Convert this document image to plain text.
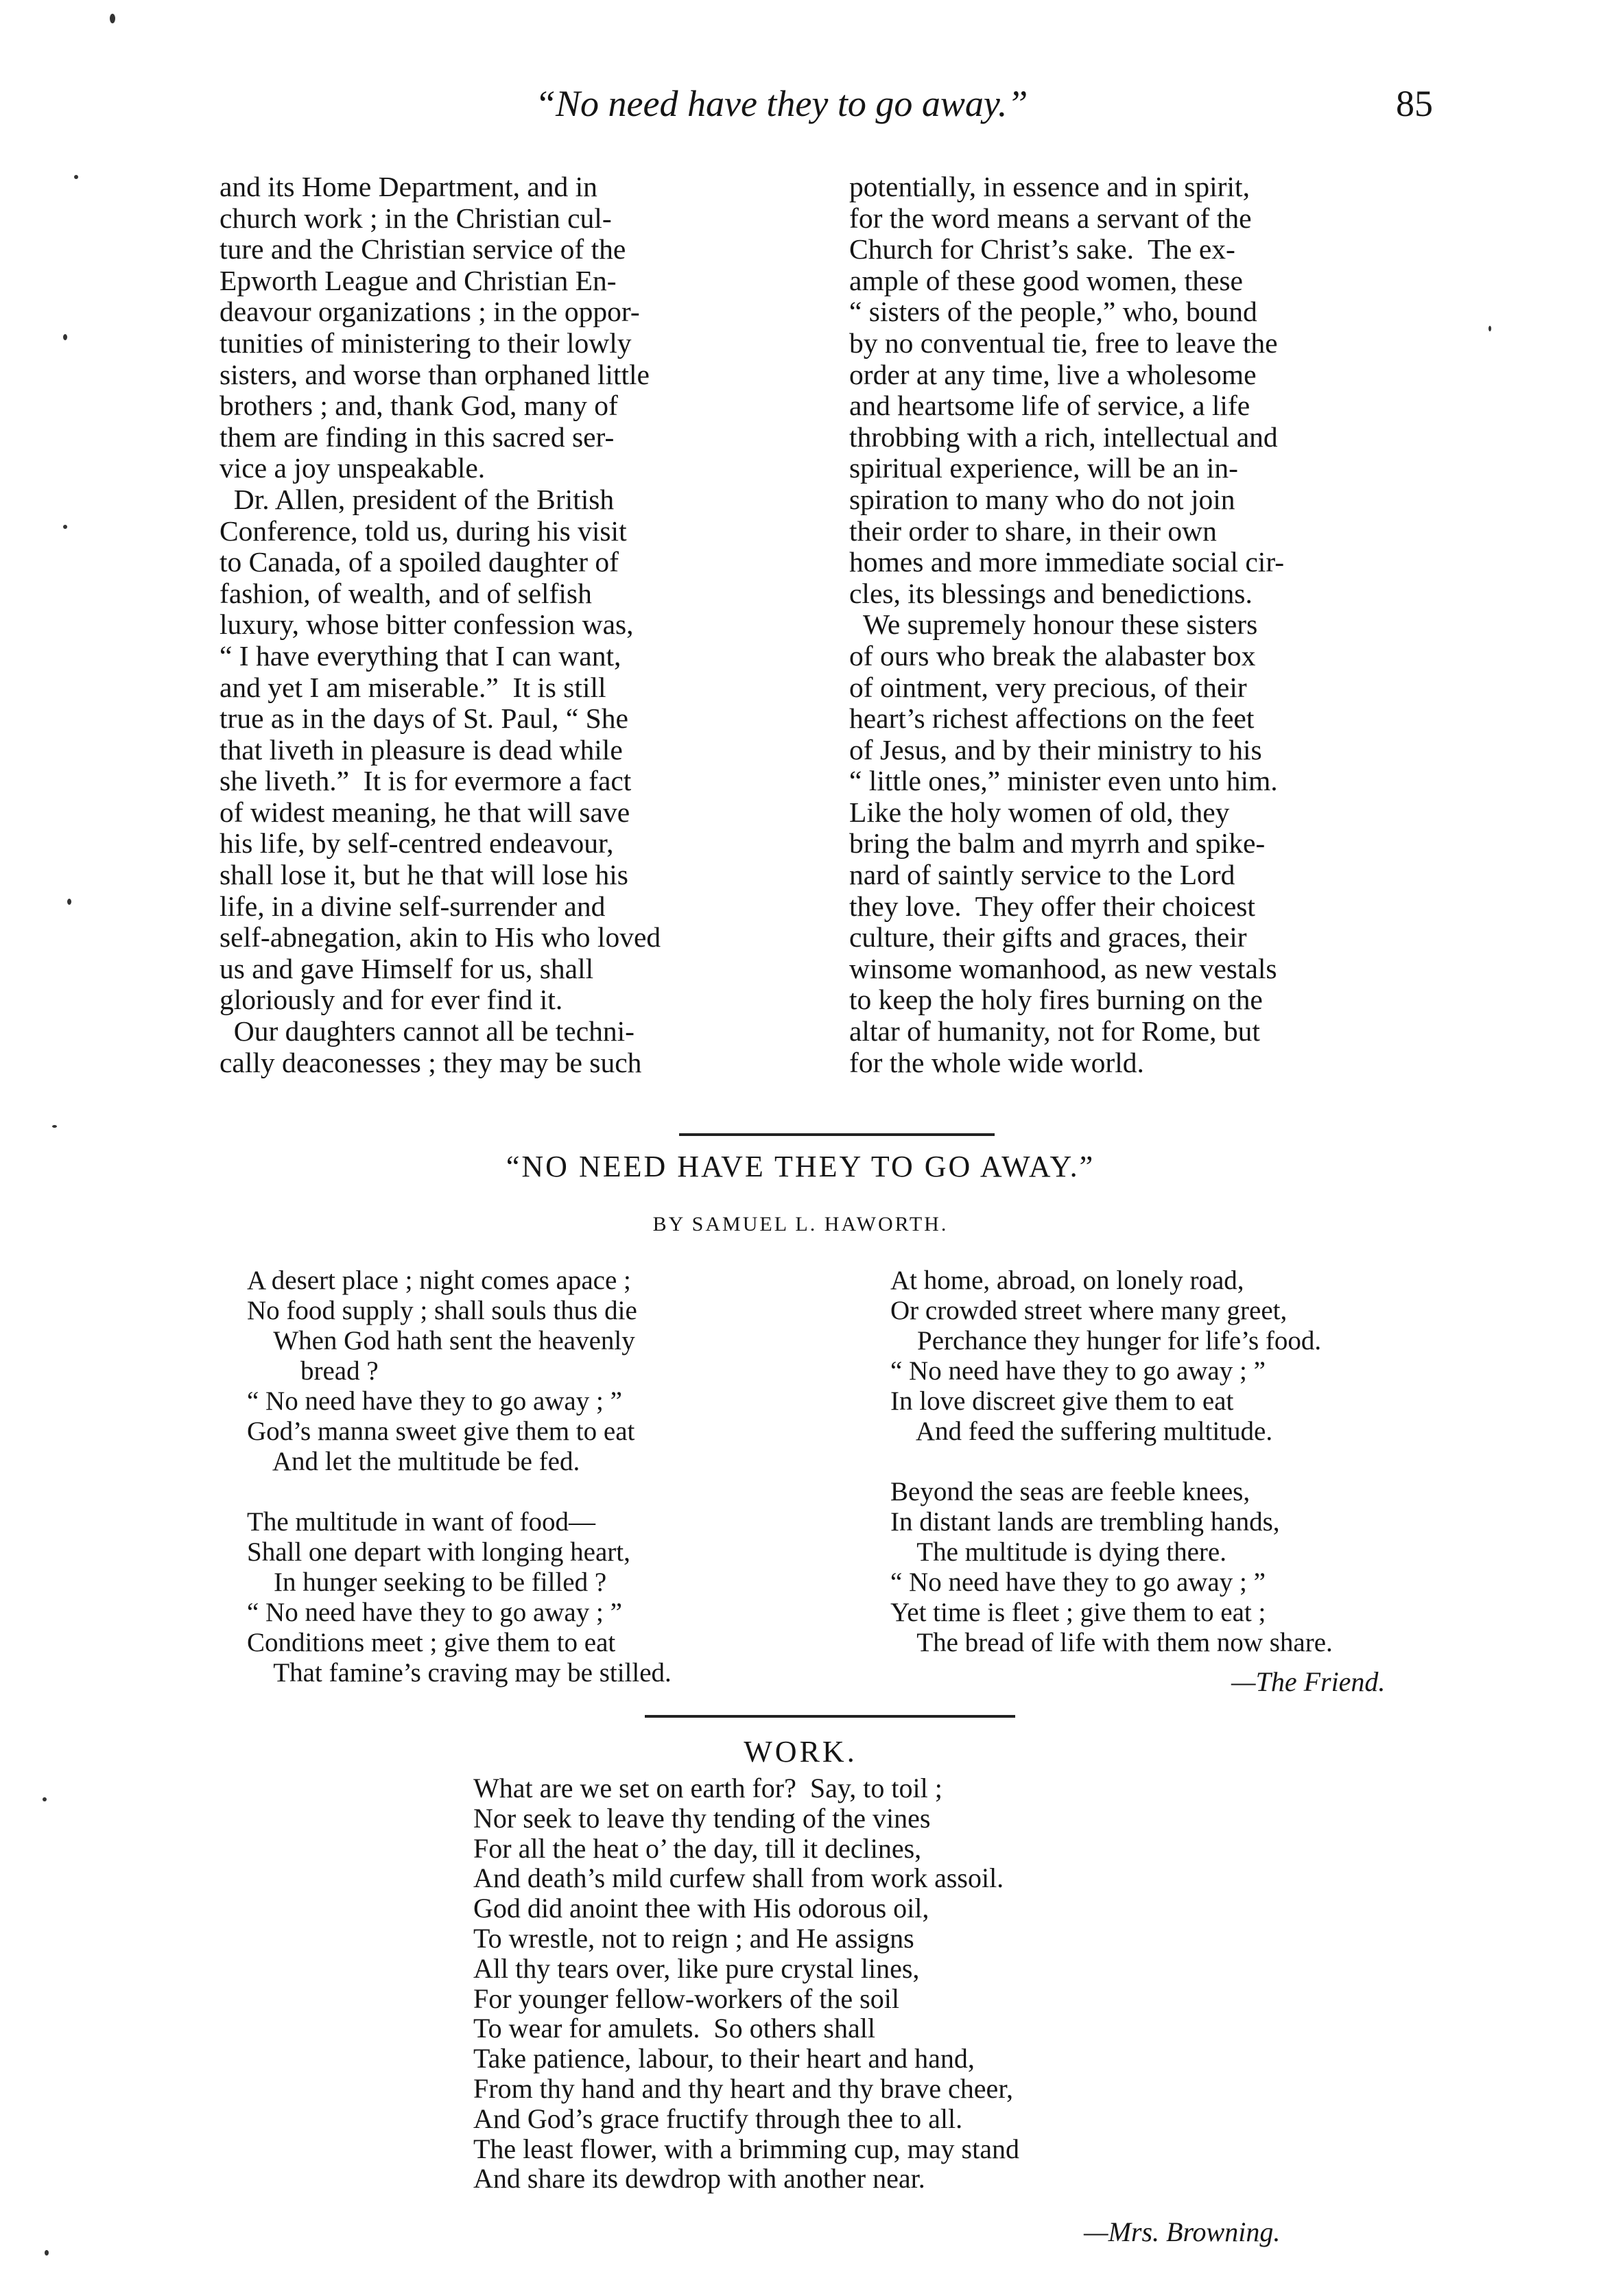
“No need have they to go away.”	85
and its Home Department, and in
church work ; in the Christian cul-
ture and the Christian service of the
Epworth League and Christian En-
deavour organizations ; in the oppor-
tunities of ministering to their lowly
sisters, and worse than orphaned little
brothers ; and, thank God, many of
them are finding in this sacred ser-
vice a joy unspeakable.
Dr. Allen, president of the British
Conference, told us, during his visit
to Canada, of a spoiled daughter of
fashion, of wealth, and of selfish
luxury, whose bitter confession was,
“ I have everything that I can want,
and yet I am miserable.”  It is still
true as in the days of St. Paul, “ She
that liveth in pleasure is dead while
she liveth.”  It is for evermore a fact
of widest meaning, he that will save
his life, by self-centred endeavour,
shall lose it, but he that will lose his
life, in a divine self-surrender and
self-abnegation, akin to His who loved
us and gave Himself for us, shall
gloriously and for ever find it.
Our daughters cannot all be techni-
cally deaconesses ; they may be such
potentially, in essence and in spirit,
for the word means a servant of the
Church for Christ’s sake.  The ex-
ample of these good women, these
“ sisters of the people,” who, bound
by no conventual tie, free to leave the
order at any time, live a wholesome
and heartsome life of service, a life
throbbing with a rich, intellectual and
spiritual experience, will be an in-
spiration to many who do not join
their order to share, in their own
homes and more immediate social cir-
cles, its blessings and benedictions.
We supremely honour these sisters
of ours who break the alabaster box
of ointment, very precious, of their
heart’s richest affections on the feet
of Jesus, and by their ministry to his
“ little ones,” minister even unto him.
Like the holy women of old, they
bring the balm and myrrh and spike-
nard of saintly service to the Lord
they love.  They offer their choicest
culture, their gifts and graces, their
winsome womanhood, as new vestals
to keep the holy fires burning on the
altar of humanity, not for Rome, but
for the whole wide world.
“NO NEED HAVE THEY TO GO AWAY.”
BY SAMUEL L. HAWORTH.
A desert place ; night comes apace ;
No food supply ; shall souls thus die
When God hath sent the heavenly
bread ?
“ No need have they to go away ; ”
God’s manna sweet give them to eat
And let the multitude be fed.
The multitude in want of food—
Shall one depart with longing heart,
In hunger seeking to be filled ?
“ No need have they to go away ; ”
Conditions meet ; give them to eat
That famine’s craving may be stilled.
At home, abroad, on lonely road,
Or crowded street where many greet,
Perchance they hunger for life’s food.
“ No need have they to go away ; ”
In love discreet give them to eat
And feed the suffering multitude.
Beyond the seas are feeble knees,
In distant lands are trembling hands,
The multitude is dying there.
“ No need have they to go away ; ”
Yet time is fleet ; give them to eat ;
The bread of life with them now share.
—The Friend.
WORK.
What are we set on earth for?  Say, to toil ;
Nor seek to leave thy tending of the vines
For all the heat o’ the day, till it declines,
And death’s mild curfew shall from work assoil.
God did anoint thee with His odorous oil,
To wrestle, not to reign ; and He assigns
All thy tears over, like pure crystal lines,
For younger fellow-workers of the soil
To wear for amulets.  So others shall
Take patience, labour, to their heart and hand,
From thy hand and thy heart and thy brave cheer,
And God’s grace fructify through thee to all.
The least flower, with a brimming cup, may stand
And share its dewdrop with another near.
—Mrs. Browning.
